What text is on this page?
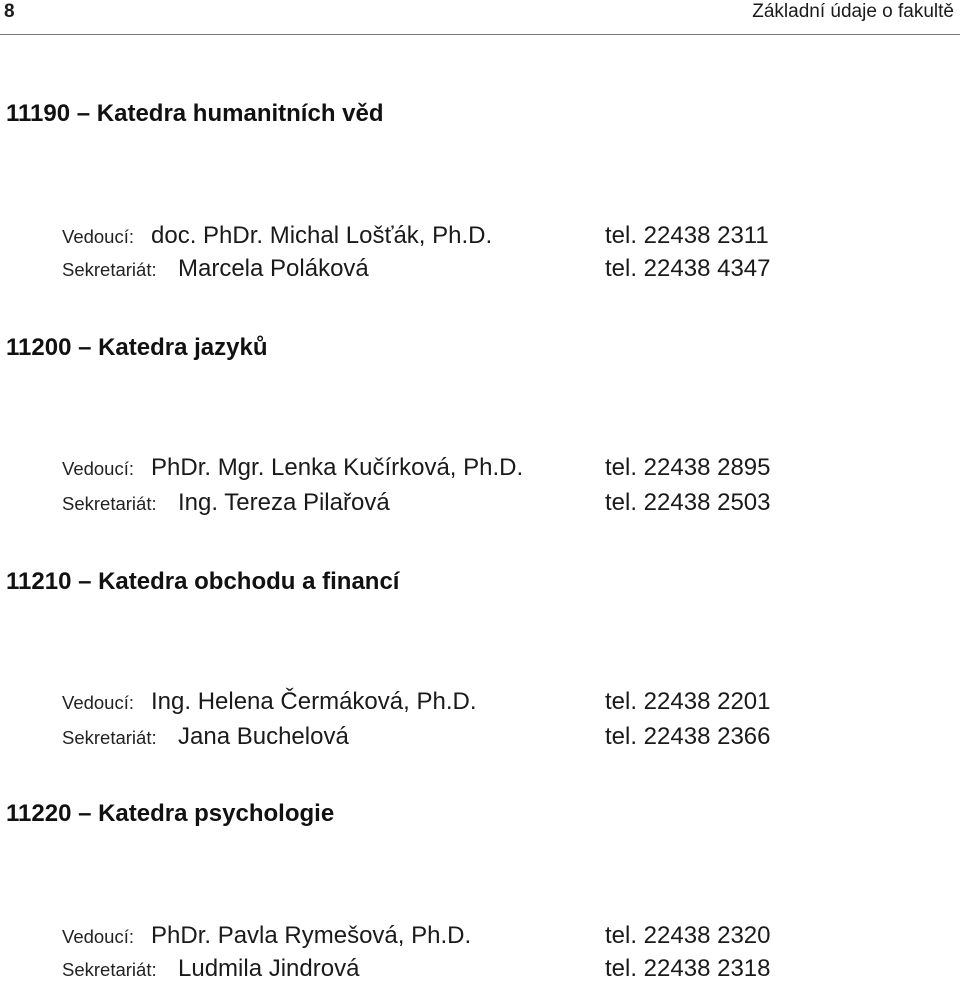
8	Základní údaje o fakultě
11190 – Katedra humanitních věd
Vedoucí: doc. PhDr. Michal Lošťák, Ph.D.	tel. 22438 2311
Sekretariát: Marcela Poláková	tel. 22438 4347
11200 – Katedra jazyků
Vedoucí: PhDr. Mgr. Lenka Kučírková, Ph.D.	tel. 22438 2895
Sekretariát: Ing. Tereza Pilařová	tel. 22438 2503
11210 – Katedra obchodu a financí
Vedoucí: Ing. Helena Čermáková, Ph.D.	tel. 22438 2201
Sekretariát: Jana Buchelová	tel. 22438 2366
11220 – Katedra psychologie
Vedoucí: PhDr. Pavla Rymešová, Ph.D.	tel. 22438 2320
Sekretariát: Ludmila Jindrová	tel. 22438 2318
